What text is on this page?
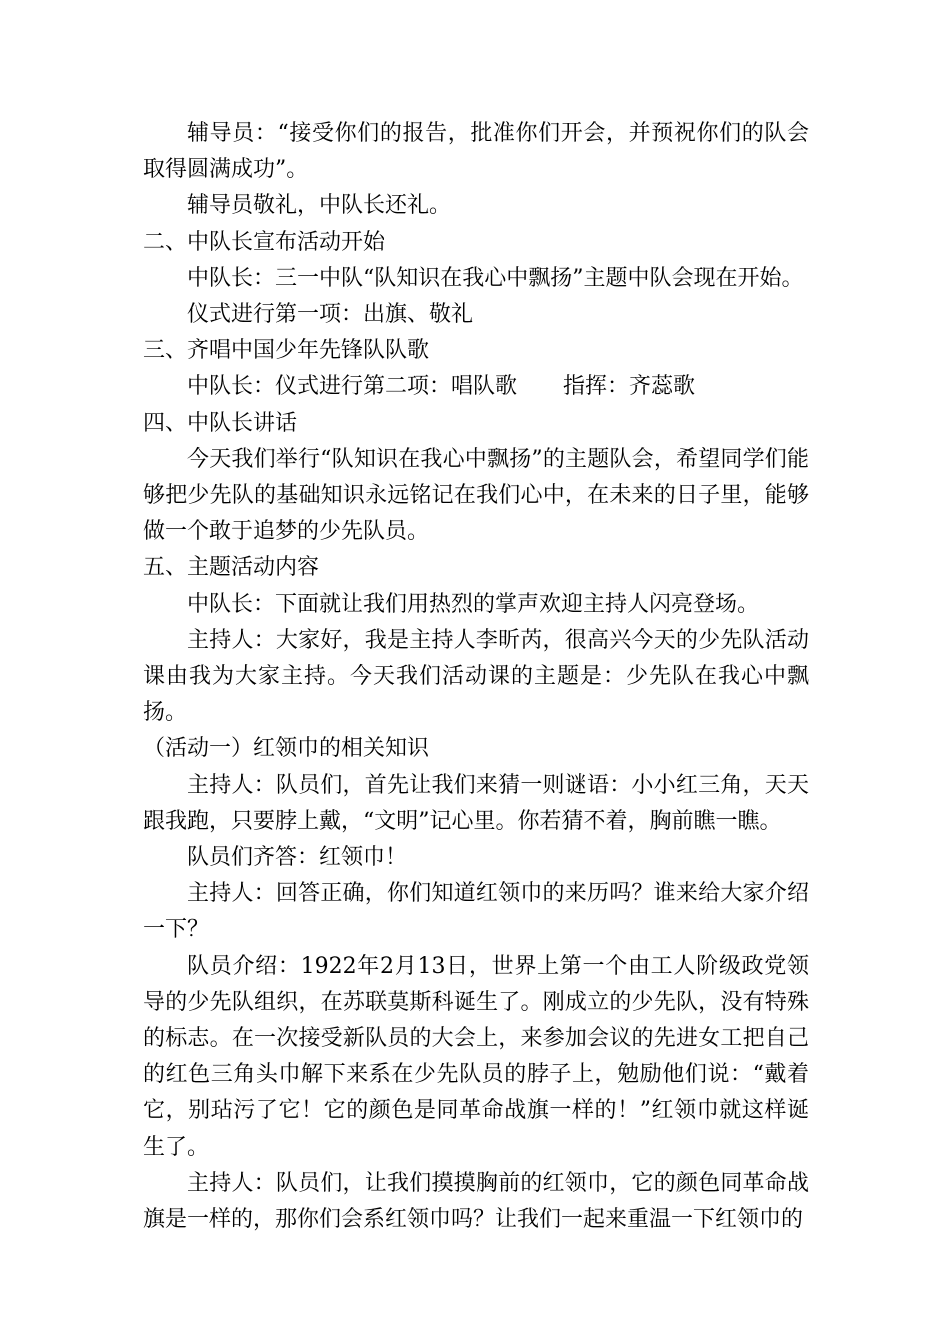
辅导员：“接受你们的报告，批准你们开会，并预祝你们的队会取得圆满成功”。

辅导员敬礼，中队长还礼。

二、中队长宣布活动开始

中队长：三一中队“队知识在我心中飘扬”主题中队会现在开始。

仪式进行第一项：出旗、敬礼

三、齐唱中国少年先锋队队歌

中队长：仪式进行第二项：唱队歌 指挥：齐蕊歌

四、中队长讲话

今天我们举行“队知识在我心中飘扬”的主题队会，希望同学们能够把少先队的基础知识永远铭记在我们心中，在未来的日子里，能够做一个敢于追梦的少先队员。

五、主题活动内容

中队长：下面就让我们用热烈的掌声欢迎主持人闪亮登场。

主持人：大家好，我是主持人李昕芮，很高兴今天的少先队活动课由我为大家主持。今天我们活动课的主题是：少先队在我心中飘扬。

（活动一）红领巾的相关知识

主持人：队员们，首先让我们来猜一则谜语：小小红三角，天天跟我跑，只要脖上戴，“文明”记心里。你若猜不着，胸前瞧一瞧。

队员们齐答：红领巾！

主持人：回答正确，你们知道红领巾的来历吗？谁来给大家介绍一下？

队员介绍：1922年2月13日，世界上第一个由工人阶级政党领导的少先队组织，在苏联莫斯科诞生了。刚成立的少先队，没有特殊的标志。在一次接受新队员的大会上，来参加会议的先进女工把自己的红色三角头巾解下来系在少先队员的脖子上，勉励他们说：“戴着它，别玷污了它！它的颜色是同革命战旗一样的！”红领巾就这样诞生了。

主持人：队员们，让我们摸摸胸前的红领巾，它的颜色同革命战旗是一样的，那你们会系红领巾吗？让我们一起来重温一下红领巾的
